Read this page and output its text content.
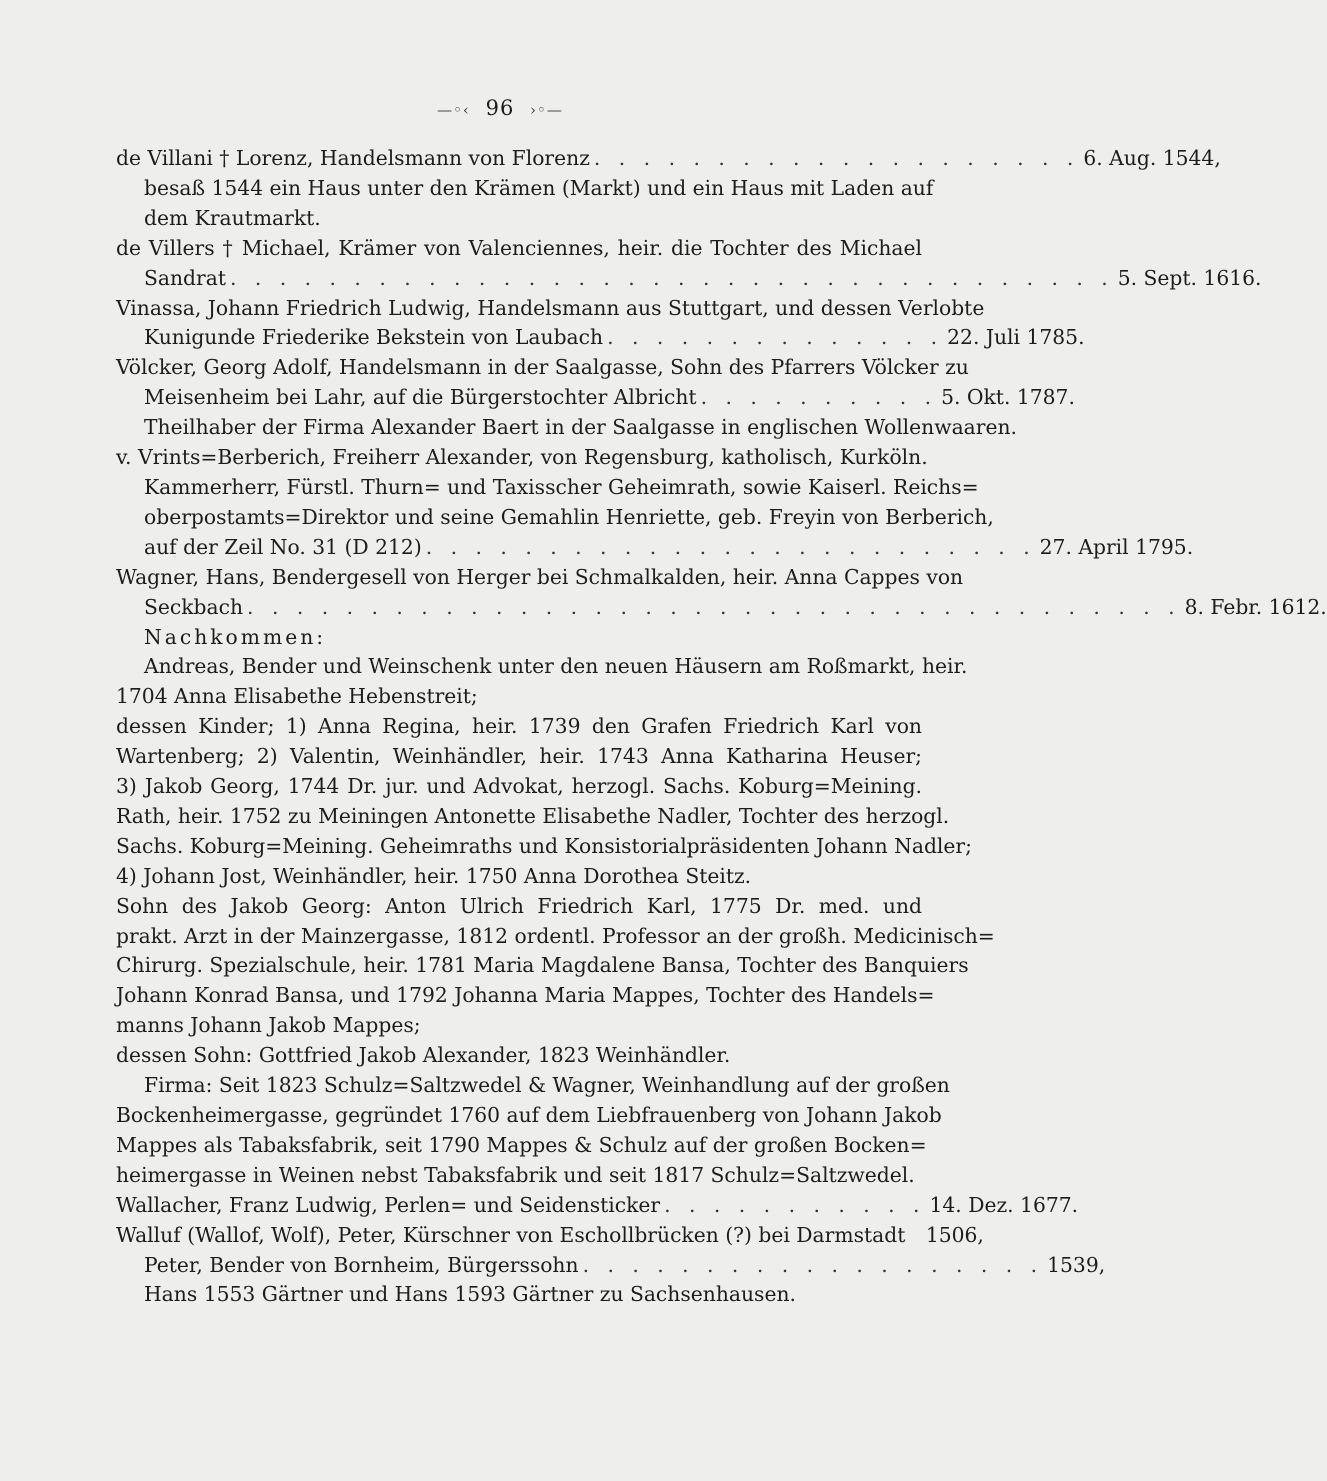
—◦‹ 96 ›◦—
de Villani † Lorenz, Handelsmann von Florenz . . . . . . . . . . . . . . . . . . . . 6. Aug. 1544,
besaß 1544 ein Haus unter den Krämen (Markt) und ein Haus mit Laden auf
dem Krautmarkt.
de Villers † Michael, Krämer von Valenciennes, heir. die Tochter des Michael
Sandrat . . . . . . . . . . . . . . . . . . . . . . . . . . . . . . . . . . . . 5. Sept. 1616.
Vinassa, Johann Friedrich Ludwig, Handelsmann aus Stuttgart, und dessen Verlobte
Kunigunde Friederike Bekstein von Laubach . . . . . . . . . . . . . . 22. Juli 1785.
Völcker, Georg Adolf, Handelsmann in der Saalgasse, Sohn des Pfarrers Völcker zu
Meisenheim bei Lahr, auf die Bürgerstochter Albricht . . . . . . . . . . 5. Okt. 1787.
Theilhaber der Firma Alexander Baert in der Saalgasse in englischen Wollenwaaren.
v. Vrints=Berberich, Freiherr Alexander, von Regensburg, katholisch, Kurköln.
Kammerherr, Fürstl. Thurn= und Taxisscher Geheimrath, sowie Kaiserl. Reichs=
oberpostamts=Direktor und seine Gemahlin Henriette, geb. Freyin von Berberich,
auf der Zeil No. 31 (D 212) . . . . . . . . . . . . . . . . . . . . . . . . . 27. April 1795.
Wagner, Hans, Bendergesell von Herger bei Schmalkalden, heir. Anna Cappes von
Seckbach . . . . . . . . . . . . . . . . . . . . . . . . . . . . . . . . . . . . . . 8. Febr. 1612.
Nachkommen:
Andreas, Bender und Weinschenk unter den neuen Häusern am Roßmarkt, heir.
1704 Anna Elisabethe Hebenstreit;
dessen Kinder; 1) Anna Regina, heir. 1739 den Grafen Friedrich Karl von
Wartenberg; 2) Valentin, Weinhändler, heir. 1743 Anna Katharina Heuser;
3) Jakob Georg, 1744 Dr. jur. und Advokat, herzogl. Sachs. Koburg=Meining.
Rath, heir. 1752 zu Meiningen Antonette Elisabethe Nadler, Tochter des herzogl.
Sachs. Koburg=Meining. Geheimraths und Konsistorialpräsidenten Johann Nadler;
4) Johann Jost, Weinhändler, heir. 1750 Anna Dorothea Steitz.
Sohn des Jakob Georg: Anton Ulrich Friedrich Karl, 1775 Dr. med. und
prakt. Arzt in der Mainzergasse, 1812 ordentl. Professor an der großh. Medicinisch=
Chirurg. Spezialschule, heir. 1781 Maria Magdalene Bansa, Tochter des Banquiers
Johann Konrad Bansa, und 1792 Johanna Maria Mappes, Tochter des Handels=
manns Johann Jakob Mappes;
dessen Sohn: Gottfried Jakob Alexander, 1823 Weinhändler.
Firma: Seit 1823 Schulz=Saltzwedel & Wagner, Weinhandlung auf der großen
Bockenheimergasse, gegründet 1760 auf dem Liebfrauenberg von Johann Jakob
Mappes als Tabaksfabrik, seit 1790 Mappes & Schulz auf der großen Bocken=
heimergasse in Weinen nebst Tabaksfabrik und seit 1817 Schulz=Saltzwedel.
Wallacher, Franz Ludwig, Perlen= und Seidensticker . . . . . . . . . . . 14. Dez. 1677.
Walluf (Wallof, Wolf), Peter, Kürschner von Eschollbrücken (?) bei Darmstadt
1506,
Peter, Bender von Bornheim, Bürgerssohn . . . . . . . . . . . . . . . . . . . 1539,
Hans 1553 Gärtner und Hans 1593 Gärtner zu Sachsenhausen.
